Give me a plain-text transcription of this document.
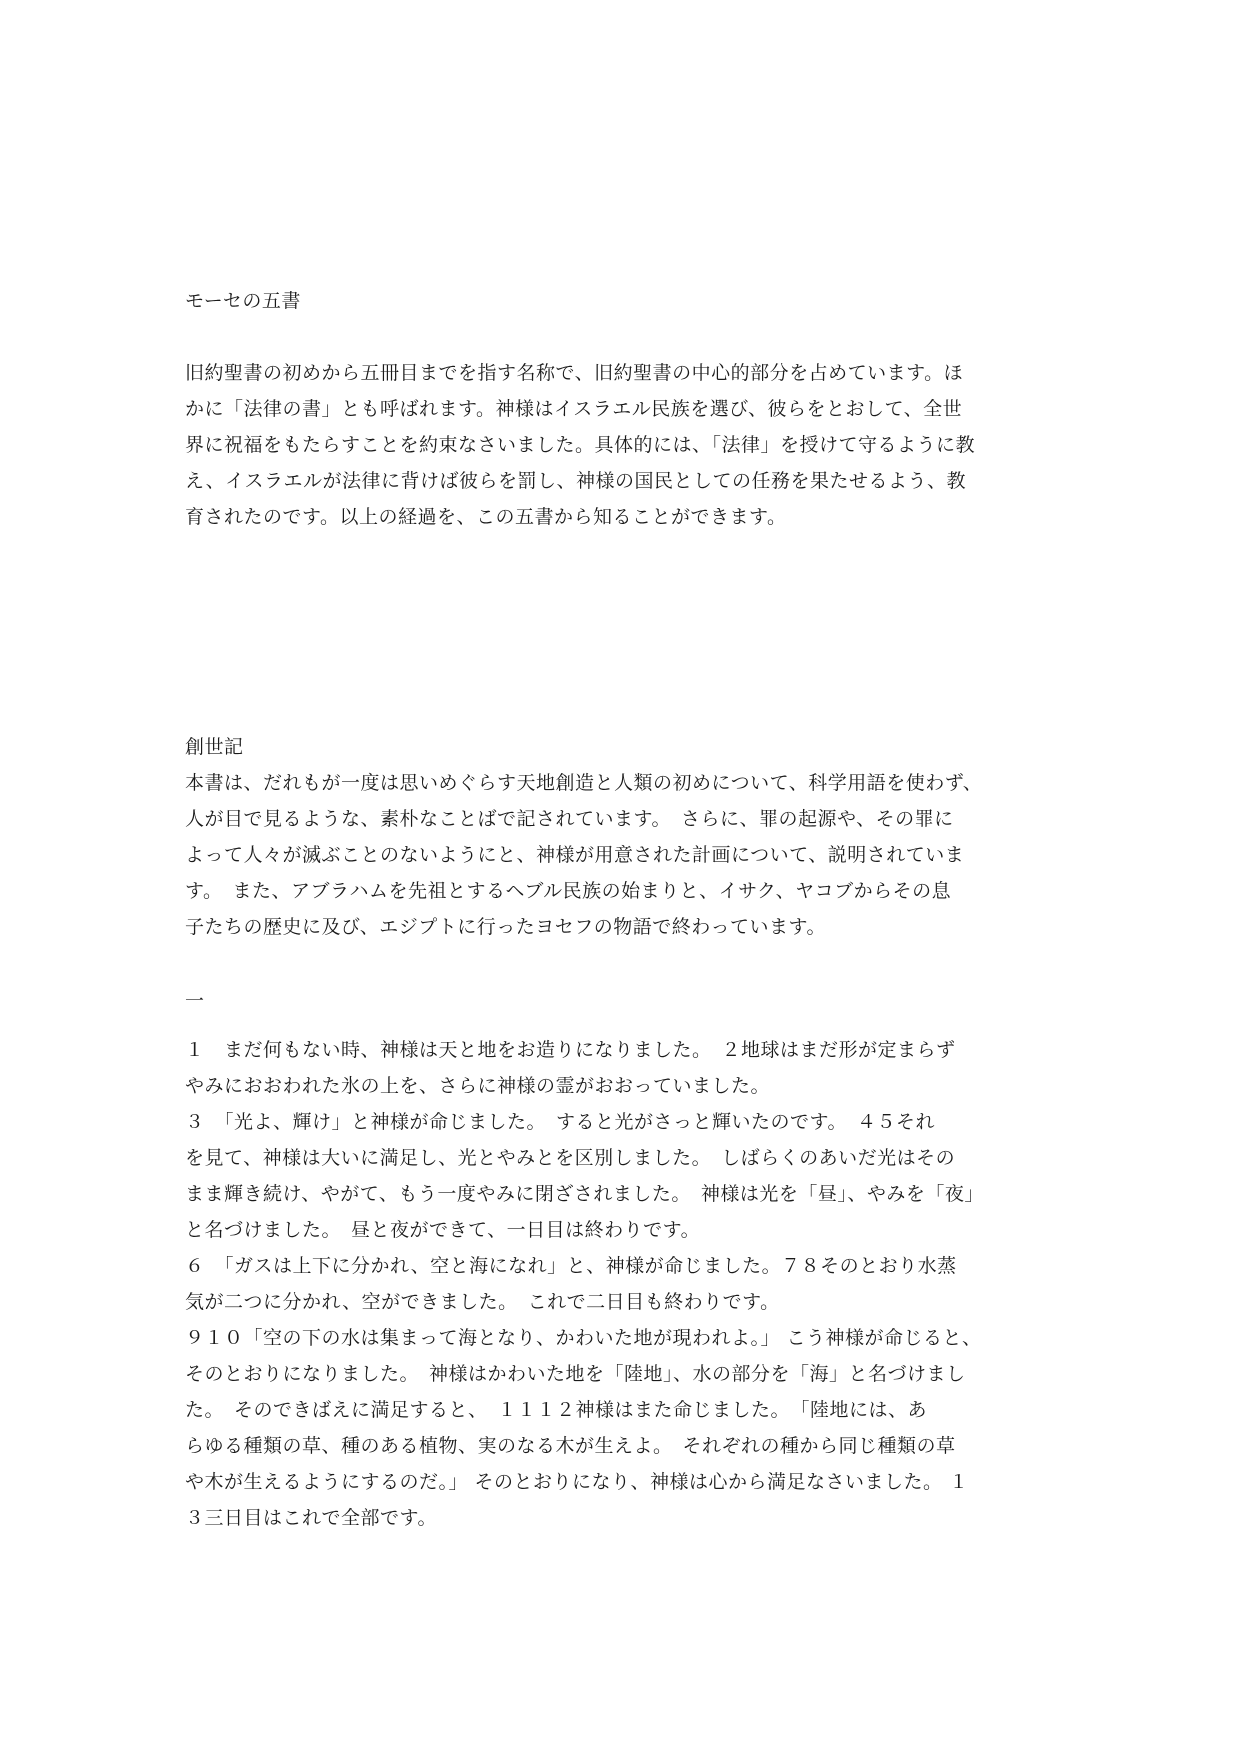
モーセの五書
旧約聖書の初めから五冊目までを指す名称で、旧約聖書の中心的部分を占めています。ほ
かに「法律の書」とも呼ばれます。神様はイスラエル民族を選び、彼らをとおして、全世
界に祝福をもたらすことを約束なさいました。具体的には、「法律」を授けて守るように教
え、イスラエルが法律に背けば彼らを罰し、神様の国民としての任務を果たせるよう、教
育されたのです。以上の経過を、この五書から知ることができます。
創世記
本書は、だれもが一度は思いめぐらす天地創造と人類の初めについて、科学用語を使わず、
人が目で見るような、素朴なことばで記されています。　さらに、罪の起源や、その罪に
よって人々が滅ぶことのないようにと、神様が用意された計画について、説明されていま
す。　また、アブラハムを先祖とするヘブル民族の始まりと、イサク、ヤコブからその息
子たちの歴史に及び、エジプトに行ったヨセフの物語で終わっています。
一
１　まだ何もない時、神様は天と地をお造りになりました。　２地球はまだ形が定まらず
やみにおおわれた氷の上を、さらに神様の霊がおおっていました。
３　「光よ、輝け」と神様が命じました。　すると光がさっと輝いたのです。　４５それ
を見て、神様は大いに満足し、光とやみとを区別しました。　しばらくのあいだ光はその
まま輝き続け、やがて、もう一度やみに閉ざされました。　神様は光を「昼」、やみを「夜」
と名づけました。　昼と夜ができて、一日目は終わりです。
６　「ガスは上下に分かれ、空と海になれ」と、神様が命じました。７８そのとおり水蒸
気が二つに分かれ、空ができました。　これで二日目も終わりです。
９１０「空の下の水は集まって海となり、かわいた地が現われよ。」 こう神様が命じると、
そのとおりになりました。　神様はかわいた地を「陸地」、水の部分を「海」と名づけまし
た。　そのできばえに満足すると、　１１１２神様はまた命じました。　「陸地には、あ
らゆる種類の草、種のある植物、実のなる木が生えよ。　それぞれの種から同じ種類の草
や木が生えるようにするのだ。」 そのとおりになり、神様は心から満足なさいました。 １
３三日目はこれで全部です。
